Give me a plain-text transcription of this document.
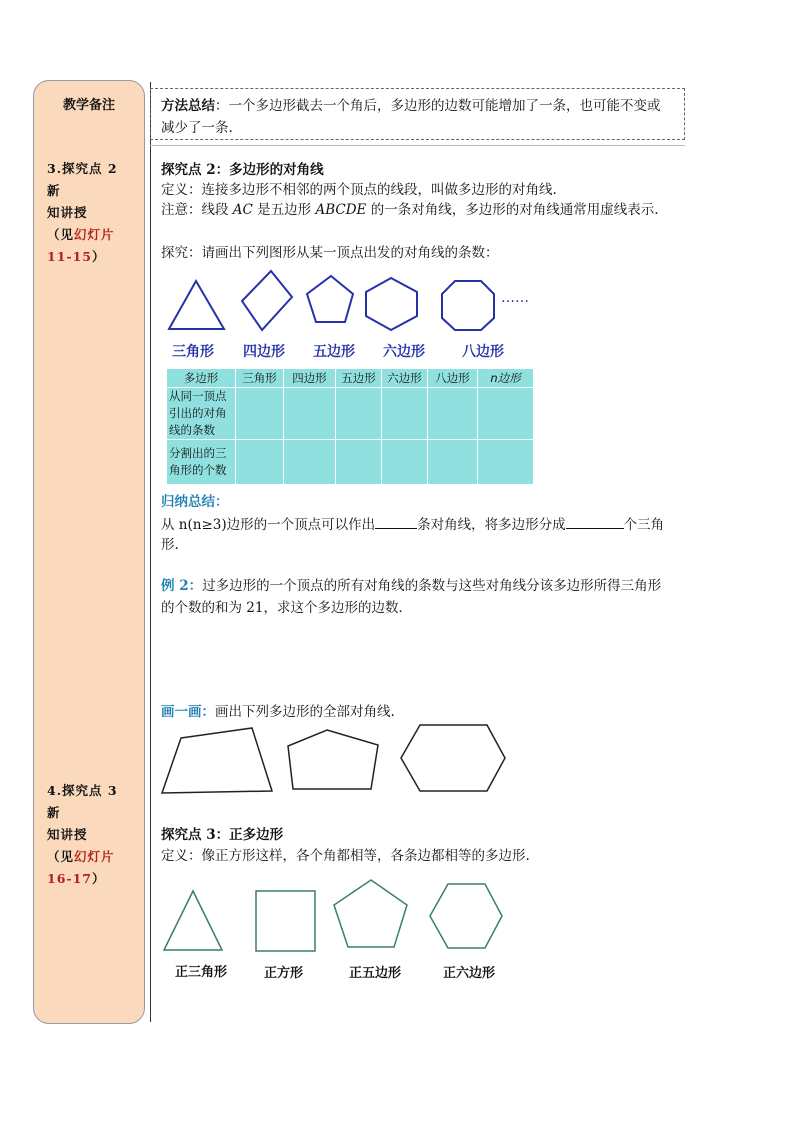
教学备注
3.探究点 2 新
知讲授
（见幻灯片
11-15）
4.探究点 3 新
知讲授
（见幻灯片
16-17）
方法总结：一个多边形截去一个角后，多边形的边数可能增加了一条，也可能不变或
减少了一条.
探究点 2：多边形的对角线
定义：连接多边形不相邻的两个顶点的线段，叫做多边形的对角线.
注意：线段 AC 是五边形 ABCDE 的一条对角线，多边形的对角线通常用虚线表示.
探究：请画出下列图形从某一顶点出发的对角线的条数：
……
三角形 四边形 五边形 六边形	八边形
多边形	三角形	四边形	五边形	六边形	八边形	n边形

从同一顶点
引出的对角
线的条数						

分割出的三
角形的个数						

归纳总结：
从 n(n≥3)边形的一个顶点可以作出	条对角线，将多边形分成	个三角
形.
例 2：过多边形的一个顶点的所有对角线的条数与这些对角线分该多边形所得三角形
的个数的和为 21，求这个多边形的边数．
画一画：画出下列多边形的全部对角线.
探究点 3：正多边形
定义：像正方形这样，各个角都相等，各条边都相等的多边形.
正三角形	正方形	正五边形	正六边形
